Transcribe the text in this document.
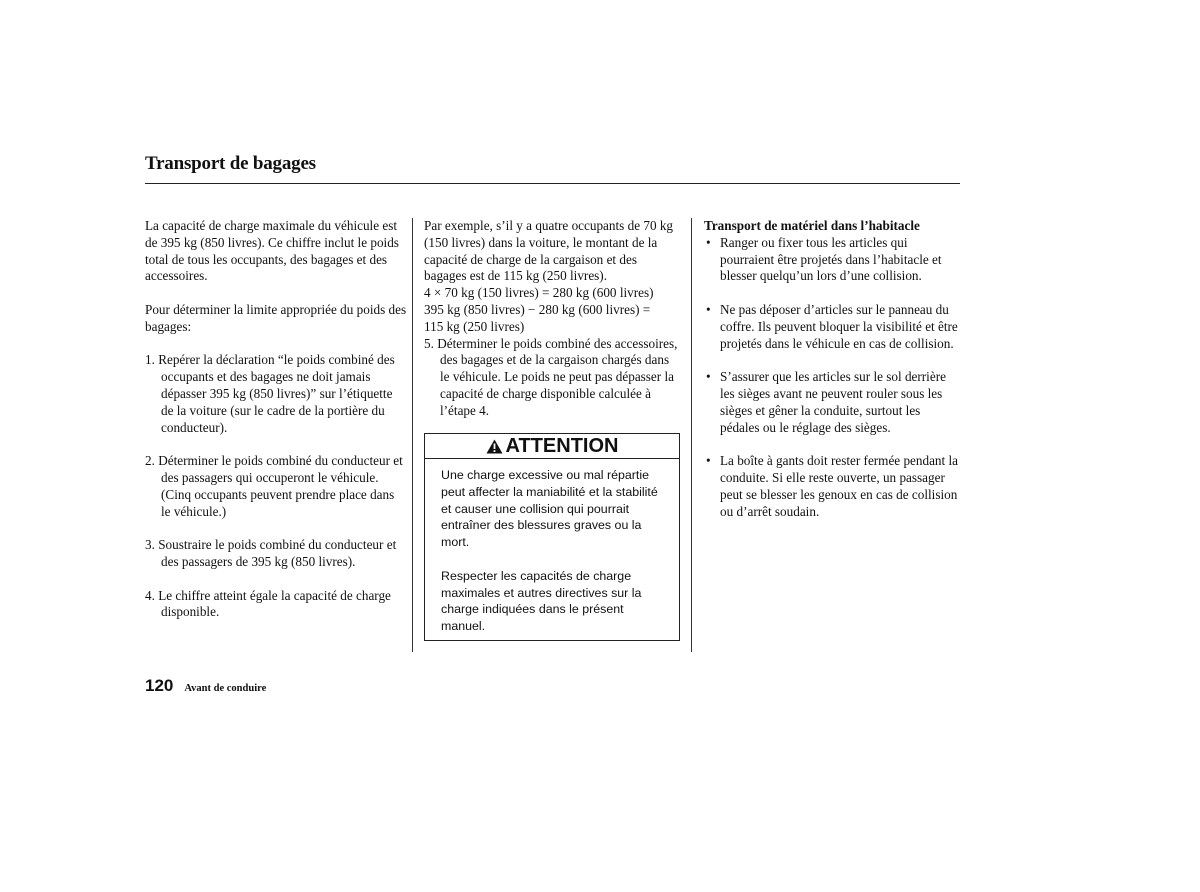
Transport de bagages

La capacité de charge maximale du véhicule est de 395 kg (850 livres). Ce chiffre inclut le poids total de tous les occupants, des bagages et des accessoires.

Pour déterminer la limite appropriée du poids des bagages:

1. Repérer la déclaration “le poids combiné des occupants et des bagages ne doit jamais dépasser 395 kg (850 livres)” sur l’étiquette de la voiture (sur le cadre de la portière du conducteur).

2. Déterminer le poids combiné du conducteur et des passagers qui occuperont le véhicule.

(Cinq occupants peuvent prendre place dans le véhicule.)

3. Soustraire le poids combiné du conducteur et des passagers de 395 kg (850 livres).

4. Le chiffre atteint égale la capacité de charge disponible.

Par exemple, s’il y a quatre occupants de 70 kg (150 livres) dans la voiture, le montant de la capacité de charge de la cargaison et des bagages est de 115 kg (250 livres).

4 × 70 kg (150 livres) = 280 kg (600 livres)

395 kg (850 livres) − 280 kg (600 livres) =

115 kg (250 livres)

5. Déterminer le poids combiné des accessoires, des bagages et de la cargaison chargés dans le véhicule. Le poids ne peut pas dépasser la capacité de charge disponible calculée à l’étape 4.

ATTENTION

Une charge excessive ou mal répartie peut affecter la maniabilité et la stabilité et causer une collision qui pourrait entraîner des blessures graves ou la mort.

Respecter les capacités de charge maximales et autres directives sur la charge indiquées dans le présent manuel.

Transport de matériel dans l’habitacle

• Ranger ou fixer tous les articles qui pourraient être projetés dans l’habitacle et blesser quelqu’un lors d’une collision.
• Ne pas déposer d’articles sur le panneau du coffre. Ils peuvent bloquer la visibilité et être projetés dans le véhicule en cas de collision.
• S’assurer que les articles sur le sol derrière les sièges avant ne peuvent rouler sous les sièges et gêner la conduite, surtout les pédales ou le réglage des sièges.
• La boîte à gants doit rester fermée pendant la conduite. Si elle reste ouverte, un passager peut se blesser les genoux en cas de collision ou d’arrêt soudain.
120 Avant de conduire
